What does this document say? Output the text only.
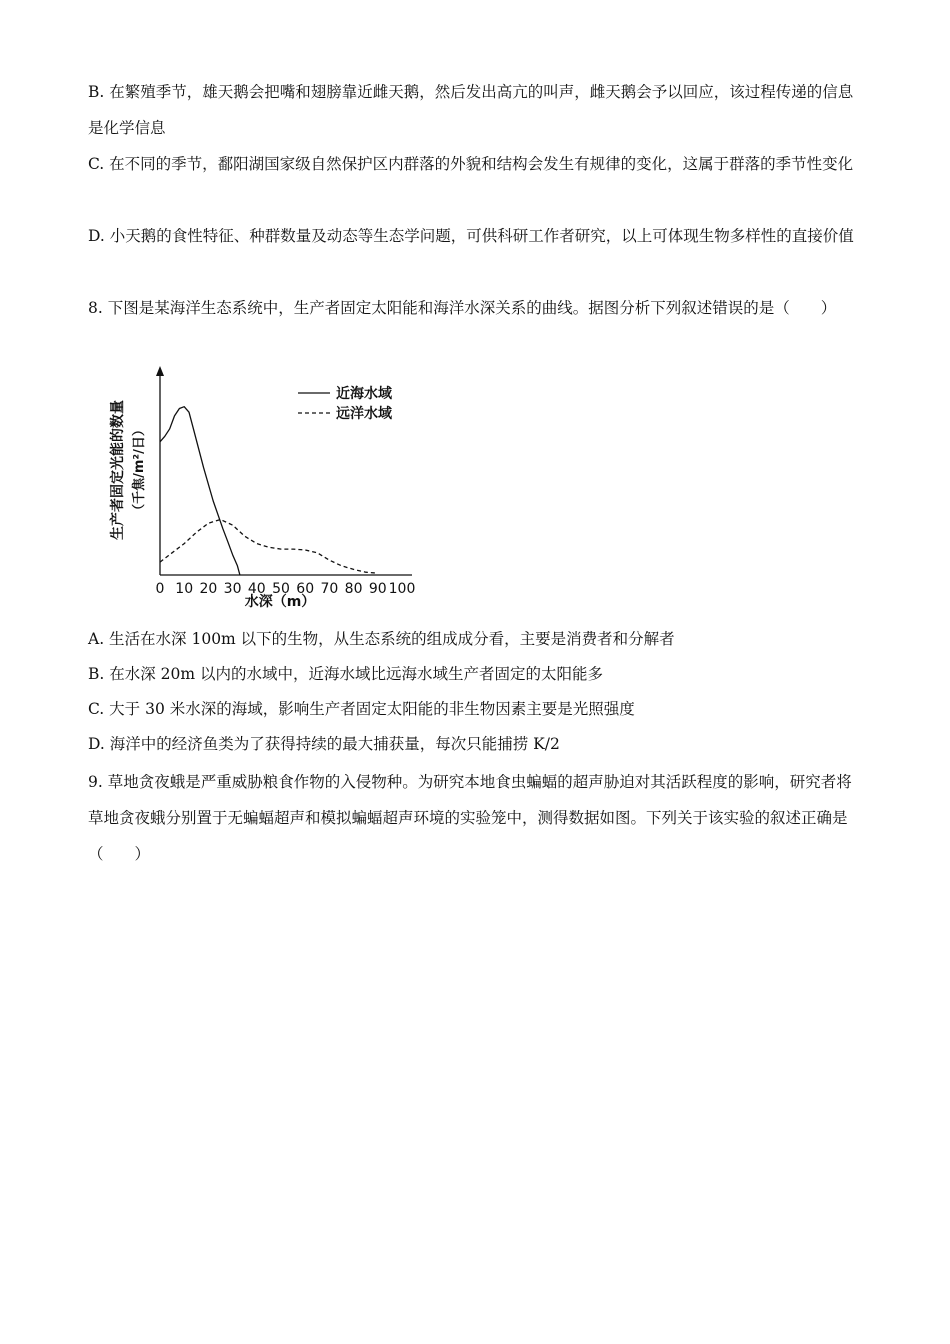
B. 在繁殖季节，雄天鹅会把嘴和翅膀靠近雌天鹅，然后发出高亢的叫声，雌天鹅会予以回应，该过程传递的信息是化学信息

C. 在不同的季节，鄱阳湖国家级自然保护区内群落的外貌和结构会发生有规律的变化，这属于群落的季节性变化

D. 小天鹅的食性特征、种群数量及动态等生态学问题，可供科研工作者研究，以上可体现生物多样性的直接价值

8. 下图是某海洋生态系统中，生产者固定太阳能和海洋水深关系的曲线。据图分析下列叙述错误的是（　　）

0 10 20 30 40 50 60 70 80 90 100
近海水域
远洋水域
生产者固定光能的数量 （千焦/m²/日）
水深（m）

A. 生活在水深 100m 以下的生物，从生态系统的组成成分看，主要是消费者和分解者

B. 在水深 20m 以内的水域中，近海水域比远海水域生产者固定的太阳能多

C. 大于 30 米水深的海域，影响生产者固定太阳能的非生物因素主要是光照强度

D. 海洋中的经济鱼类为了获得持续的最大捕获量，每次只能捕捞 K/2

9. 草地贪夜蛾是严重威胁粮食作物的入侵物种。为研究本地食虫蝙蝠的超声胁迫对其活跃程度的影响，研究者将草地贪夜蛾分别置于无蝙蝠超声和模拟蝙蝠超声环境的实验笼中，测得数据如图。下列关于该实验的叙述正确是（　　）
